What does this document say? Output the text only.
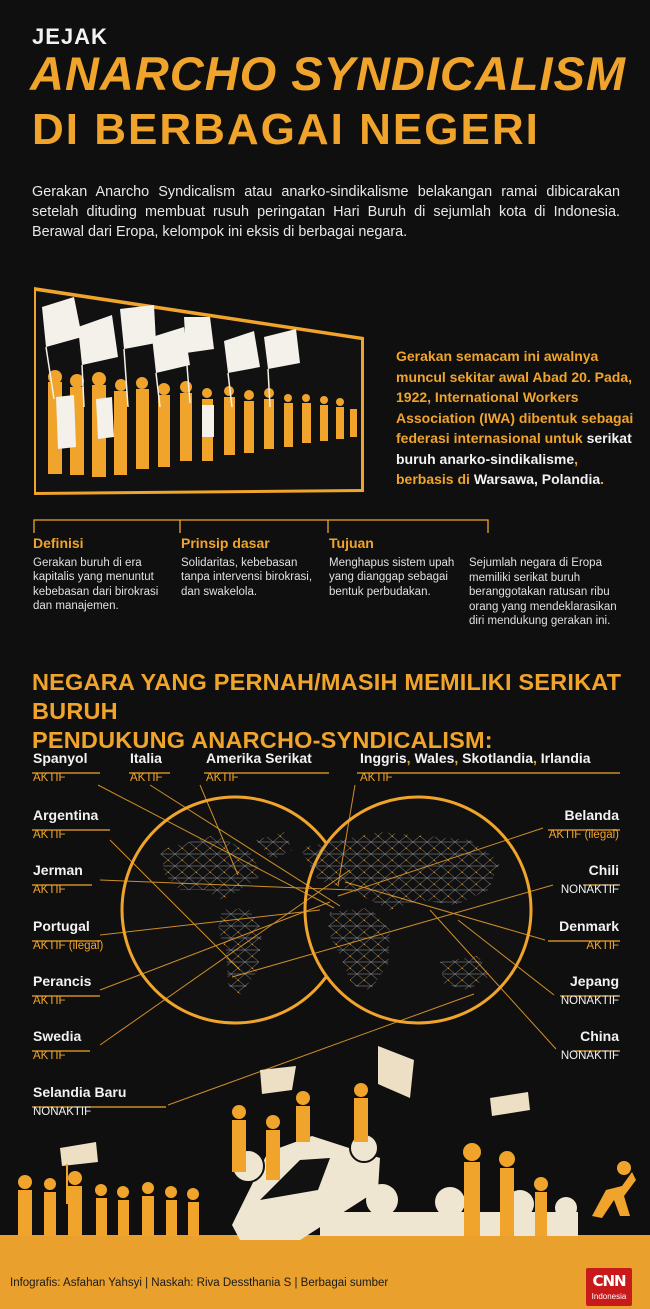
JEJAK
ANARCHO SYNDICALISM
DI BERBAGAI NEGERI
Gerakan Anarcho Syndicalism atau anarko-sindikalisme belakangan ramai dibicarakan setelah dituding membuat rusuh peringatan Hari Buruh di sejumlah kota di Indonesia. Berawal dari Eropa, kelompok ini eksis di berbagai negara.
Gerakan semacam ini awalnya muncul sekitar awal Abad 20. Pada, 1922, International Workers Association (IWA) dibentuk sebagai federasi internasional untuk serikat buruh anarko-sindikalisme, berbasis di Warsawa, Polandia.
Definisi
Gerakan buruh di era kapitalis yang menuntut kebebasan dari birokrasi dan manajemen.
Prinsip dasar
Solidaritas, kebebasan tanpa intervensi birokrasi, dan swakelola.
Tujuan
Menghapus sistem upah yang dianggap sebagai bentuk perbudakan.
Sejumlah negara di Eropa memiliki serikat buruh beranggotakan ratusan ribu orang yang mendeklarasikan diri mendukung gerakan ini.
NEGARA YANG PERNAH/MASIH MEMILIKI SERIKAT BURUH
PENDUKUNG ANARCHO-SYNDICALISM:
Spanyol
AKTIF
Italia
AKTIF
Amerika Serikat
AKTIF
Inggris, Wales, Skotlandia, Irlandia
AKTIF
Argentina
AKTIF
Jerman
AKTIF
Portugal
AKTIF (ilegal)
Perancis
AKTIF
Swedia
AKTIF
Selandia Baru
NONAKTIF
Belanda
AKTIF (ilegal)
Chili
NONAKTIF
Denmark
AKTIF
Jepang
NONAKTIF
China
NONAKTIF
Infografis: Asfahan Yahsyi | Naskah: Riva Dessthania S | Berbagai sumber	CNN
Indonesia
